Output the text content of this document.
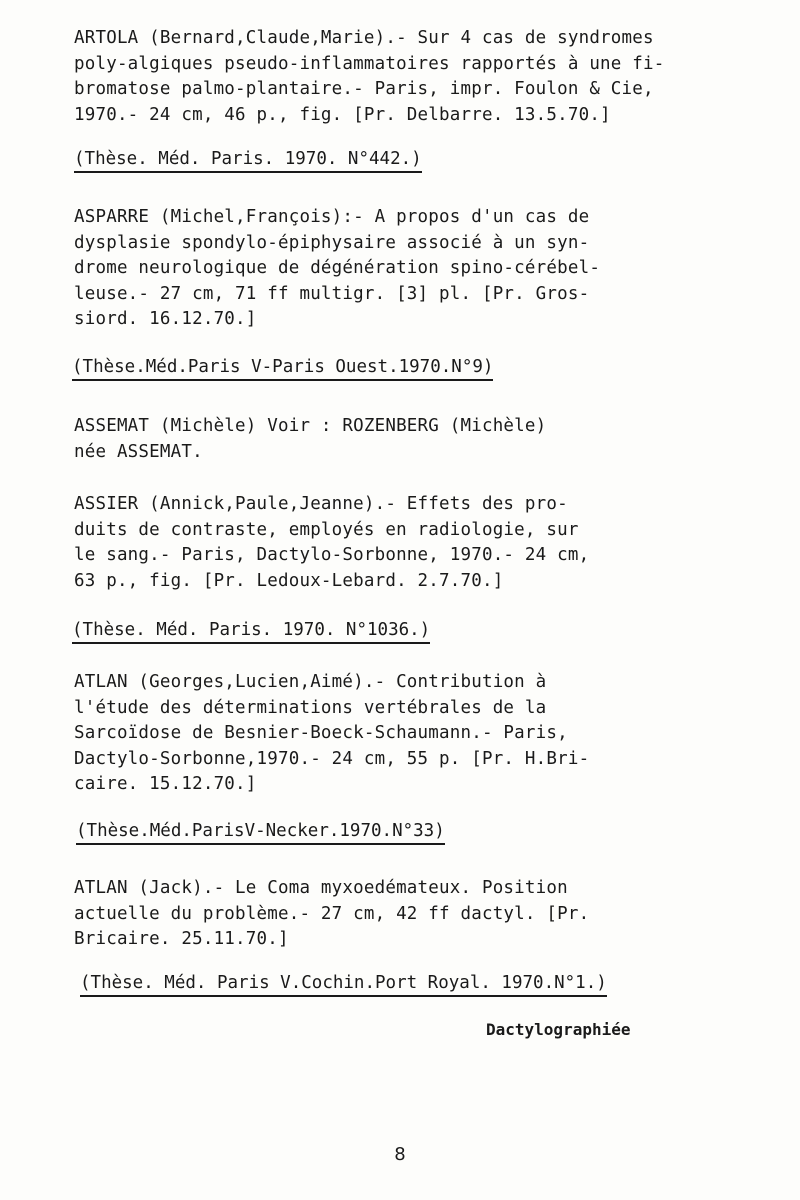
ARTOLA (Bernard,Claude,Marie).- Sur 4 cas de syndromes
poly-algiques pseudo-inflammatoires rapportés à une fi-
bromatose palmo-plantaire.- Paris, impr. Foulon & Cie,
1970.- 24 cm, 46 p., fig. [Pr. Delbarre. 13.5.70.]
(Thèse. Méd. Paris. 1970. N°442.)
ASPARRE (Michel,François):- A propos d'un cas de
dysplasie spondylo-épiphysaire associé à un syn-
drome neurologique de dégénération spino-cérébel-
leuse.- 27 cm, 71 ff multigr. [3] pl. [Pr. Gros-
siord. 16.12.70.]
(Thèse.Méd.Paris V-Paris Ouest.1970.N°9)
ASSEMAT (Michèle) Voir : ROZENBERG (Michèle)
née ASSEMAT.
ASSIER (Annick,Paule,Jeanne).- Effets des pro-
duits de contraste, employés en radiologie, sur
le sang.- Paris, Dactylo-Sorbonne, 1970.- 24 cm,
63 p., fig. [Pr. Ledoux-Lebard. 2.7.70.]
(Thèse. Méd. Paris. 1970. N°1036.)
ATLAN (Georges,Lucien,Aimé).- Contribution à
l'étude des déterminations vertébrales de la
Sarcoïdose de Besnier-Boeck-Schaumann.- Paris,
Dactylo-Sorbonne,1970.- 24 cm, 55 p. [Pr. H.Bri-
caire. 15.12.70.]
(Thèse.Méd.ParisV-Necker.1970.N°33)
ATLAN (Jack).- Le Coma myxoedémateux. Position
actuelle du problème.- 27 cm, 42 ff dactyl. [Pr.
Bricaire. 25.11.70.]
(Thèse. Méd. Paris V.Cochin.Port Royal. 1970.N°1.)
Dactylographiée
8
